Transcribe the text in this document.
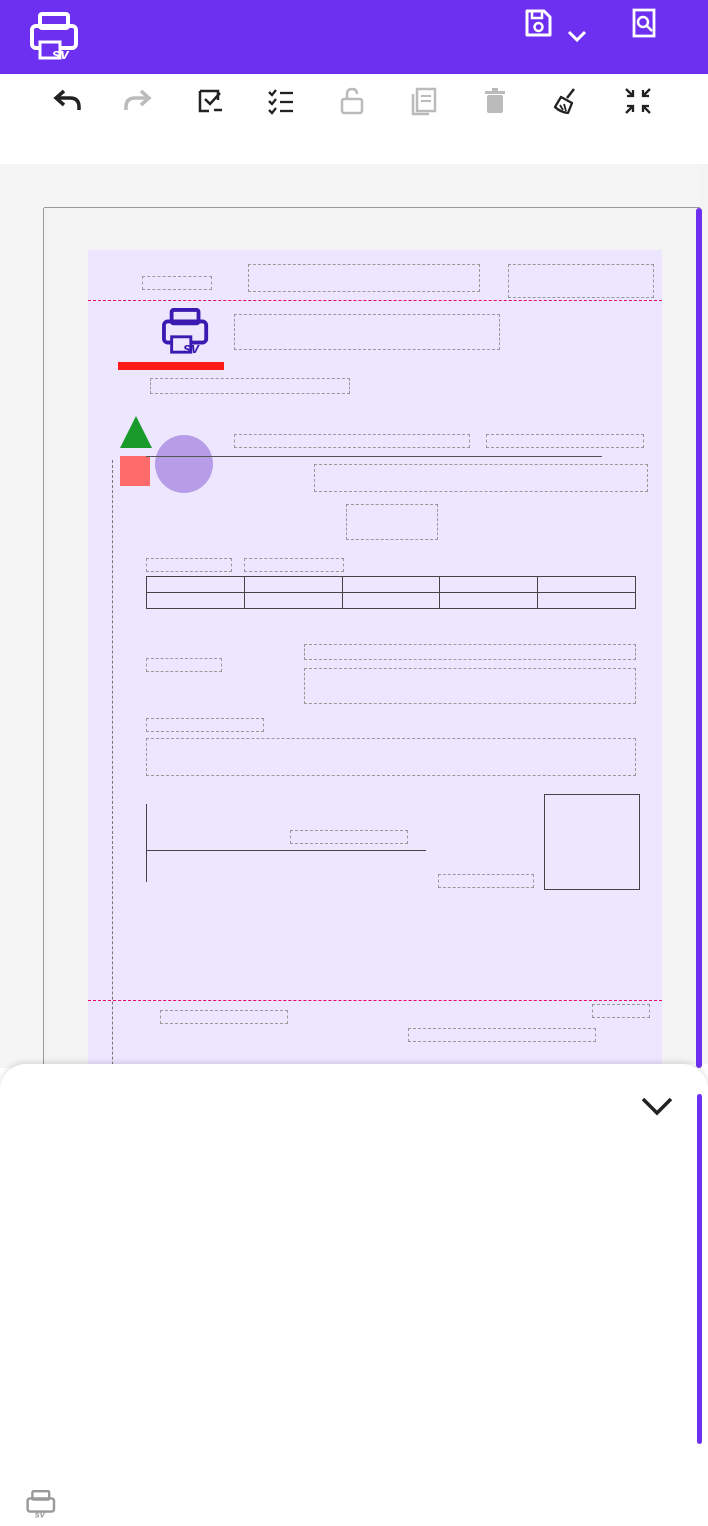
sv
sv

sv
